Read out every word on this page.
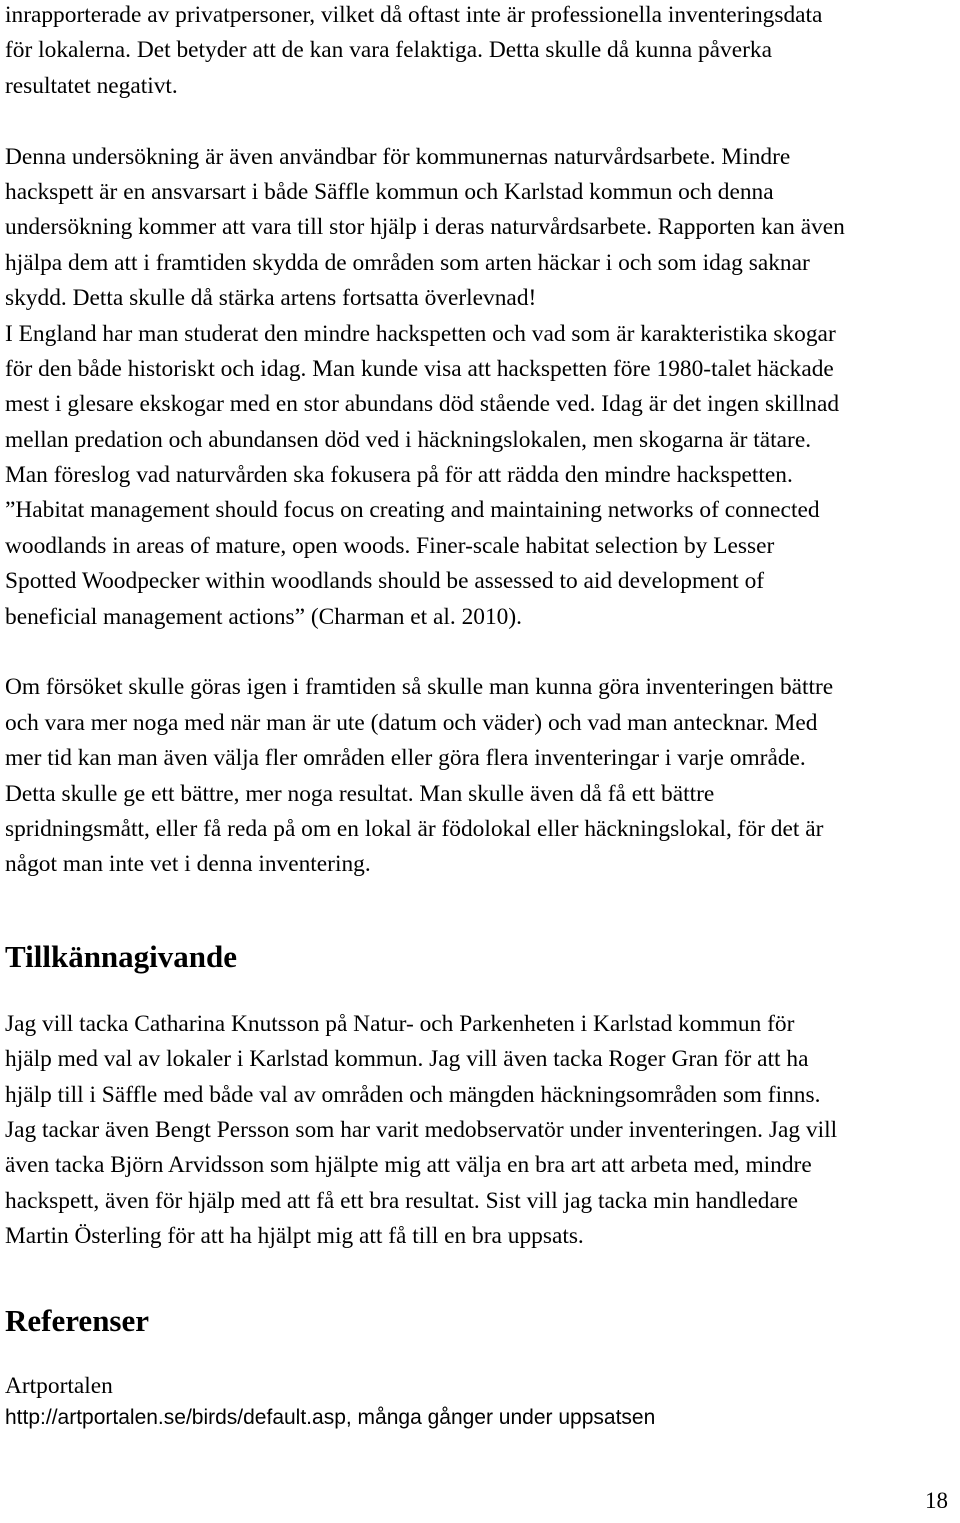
inrapporterade av privatpersoner, vilket då oftast inte är professionella inventeringsdata
för lokalerna. Det betyder att de kan vara felaktiga. Detta skulle då kunna påverka
resultatet negativt.
Denna undersökning är även användbar för kommunernas naturvårdsarbete. Mindre
hackspett är en ansvarsart i både Säffle kommun och Karlstad kommun och denna
undersökning kommer att vara till stor hjälp i deras naturvårdsarbete. Rapporten kan även
hjälpa dem att i framtiden skydda de områden som arten häckar i och som idag saknar
skydd. Detta skulle då stärka artens fortsatta överlevnad!
I England har man studerat den mindre hackspetten och vad som är karakteristika skogar
för den både historiskt och idag. Man kunde visa att hackspetten före 1980-talet häckade
mest i glesare ekskogar med en stor abundans död stående ved. Idag är det ingen skillnad
mellan predation och abundansen död ved i häckningslokalen, men skogarna är tätare.
Man föreslog vad naturvården ska fokusera på för att rädda den mindre hackspetten.
”Habitat management should focus on creating and maintaining networks of connected
woodlands in areas of mature, open woods. Finer-scale habitat selection by Lesser
Spotted Woodpecker within woodlands should be assessed to aid development of
beneficial management actions” (Charman et al. 2010).
Om försöket skulle göras igen i framtiden så skulle man kunna göra inventeringen bättre
och vara mer noga med när man är ute (datum och väder) och vad man antecknar. Med
mer tid kan man även välja fler områden eller göra flera inventeringar i varje område.
Detta skulle ge ett bättre, mer noga resultat. Man skulle även då få ett bättre
spridningsmått, eller få reda på om en lokal är födolokal eller häckningslokal, för det är
något man inte vet i denna inventering.
Tillkännagivande
Jag vill tacka Catharina Knutsson på Natur- och Parkenheten i Karlstad kommun för
hjälp med val av lokaler i Karlstad kommun. Jag vill även tacka Roger Gran för att ha
hjälp till i Säffle med både val av områden och mängden häckningsområden som finns.
Jag tackar även Bengt Persson som har varit medobservatör under inventeringen. Jag vill
även tacka Björn Arvidsson som hjälpte mig att välja en bra art att arbeta med, mindre
hackspett, även för hjälp med att få ett bra resultat. Sist vill jag tacka min handledare
Martin Österling för att ha hjälpt mig att få till en bra uppsats.
Referenser
Artportalen
http://artportalen.se/birds/default.asp, många gånger under uppsatsen
18
